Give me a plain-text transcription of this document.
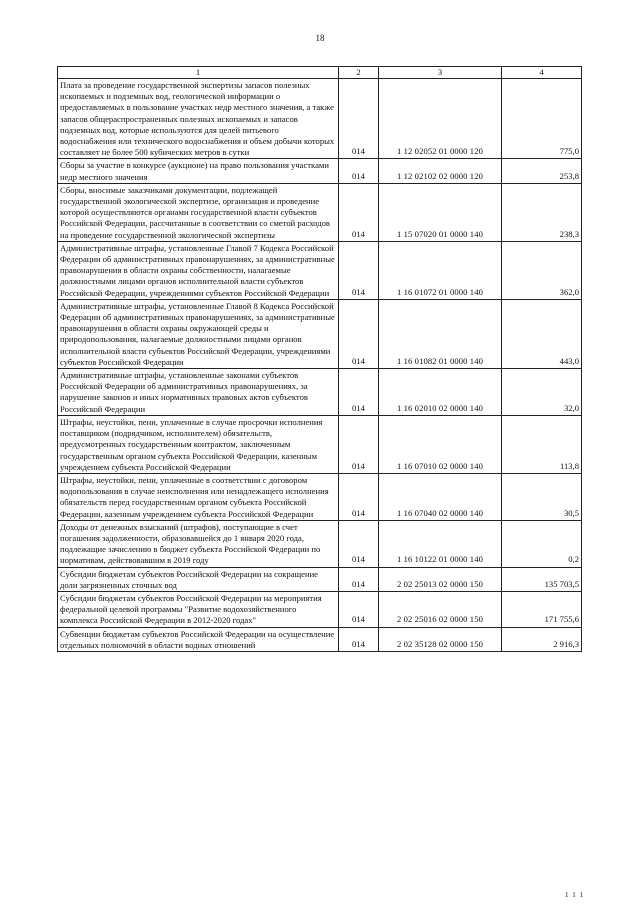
18
1	2	3	4
Плата за проведение государственной экспертизы запасов полезных ископаемых и подземных вод, геологической информации о предоставляемых в пользование участках недр местного значения, а также запасов общераспространенных полезных ископаемых и запасов подземных вод, которые используются для целей питьевого водоснабжения или технического водоснабжения и объем добычи которых составляет не более 500 кубических метров в сутки	014	1 12 02052 01 0000 120	775,0
Сборы за участие в конкурсе (аукционе) на право пользования участками недр местного значения	014	1 12 02102 02 0000 120	253,8
Сборы, вносимые заказчиками документации, подлежащей государственной экологической экспертизе, организация и проведение которой осуществляются органами государственной власти субъектов Российской Федерации, рассчитанные в соответствии со сметой расходов на проведение государственной экологической экспертизы	014	1 15 07020 01 0000 140	238,3
Административные штрафы, установленные Главой 7 Кодекса Российской Федерации об административных правонарушениях, за административные правонарушения в области охраны собственности, налагаемые должностными лицами органов исполнительной власти субъектов Российской Федерации, учреждениями субъектов Российской Федерации	014	1 16 01072 01 0000 140	362,0
Административные штрафы, установленные Главой 8 Кодекса Российской Федерации об административных правонарушениях, за административные правонарушения в области охраны окружающей среды и природопользования, налагаемые должностными лицами органов исполнительной власти субъектов Российской Федерации, учреждениями субъектов Российской Федерации	014	1 16 01082 01 0000 140	443,0
Административные штрафы, установленные законами субъектов Российской Федерации об административных правонарушениях, за нарушение законов и иных нормативных правовых актов субъектов Российской Федерации	014	1 16 02010 02 0000 140	32,0
Штрафы, неустойки, пени, уплаченные в случае просрочки исполнения поставщиком (подрядчиком, исполнителем) обязательств, предусмотренных государственным контрактом, заключенным государственным органом субъекта Российской Федерации, казенным учреждением субъекта Российской Федерации	014	1 16 07010 02 0000 140	113,8
Штрафы, неустойки, пени, уплаченные в соответствии с договором водопользования в случае неисполнения или ненадлежащего исполнения обязательств перед государственным органом субъекта Российской Федерации, казенным учреждением субъекта Российской Федерации	014	1 16 07040 02 0000 140	30,5
Доходы от денежных взысканий (штрафов), поступающие в счет погашения задолженности, образовавшейся до 1 января 2020 года, подлежащие зачислению в бюджет субъекта Российской Федерации по нормативам, действовавшим в 2019 году	014	1 16 10122 01 0000 140	0,2
Субсидии бюджетам субъектов Российской Федерации на сокращение доли загрязненных сточных вод	014	2 02 25013 02 0000 150	135 703,5
Субсидии бюджетам субъектов Российской Федерации на мероприятия федеральной целевой программы "Развитие водохозяйственного комплекса Российской Федерации в 2012-2020 годах"	014	2 02 25016 02 0000 150	171 755,6
Субвенции бюджетам субъектов Российской Федерации на осуществление отдельных полномочий в области водных отношений	014	2 02 35128 02 0000 150	2 916,3
1 1 1
